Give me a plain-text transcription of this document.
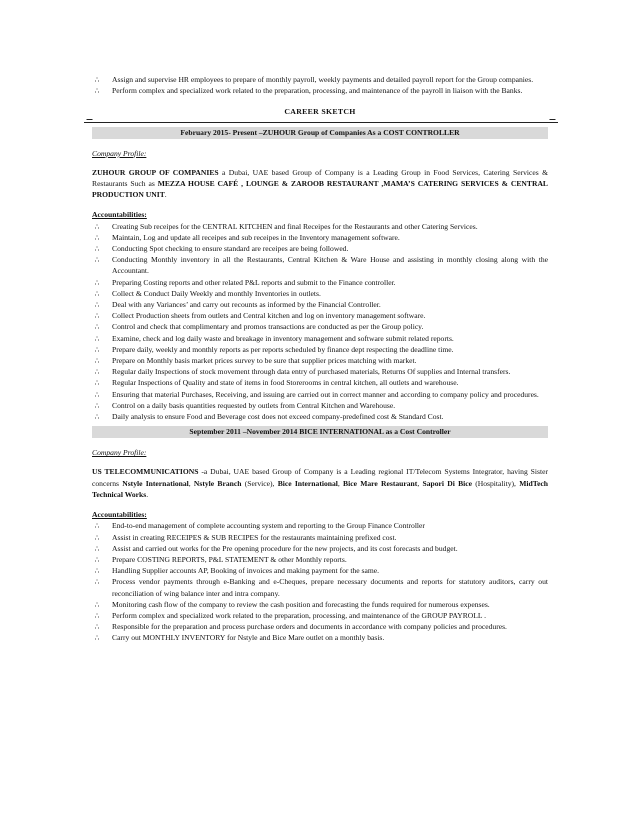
∴	Assign and supervise HR employees to prepare of monthly payroll, weekly payments and detailed payroll report for the Group companies.
∴	Perform complex and specialized work related to the preparation, processing, and maintenance of the payroll in liaison with the Banks.
CAREER SKETCH
February 2015- Present –ZUHOUR Group of Companies As a COST CONTROLLER
Company Profile:
ZUHOUR GROUP OF COMPANIES a Dubai, UAE based Group of Company is a Leading Group in Food Services, Catering Services & Restaurants Such as MEZZA HOUSE CAFÉ , LOUNGE & ZAROOB RESTAURANT ,MAMA’S CATERING SERVICES & CENTRAL PRODUCTION UNIT.
Accountabilities:
∴	Creating Sub receipes for the CENTRAL KITCHEN and final Receipes for the Restaurants and other Catering Services.
∴	Maintain, Log and update all receipes and sub receipes in the Inventory management software.
∴	Conducting Spot checking to ensure standard are receipes are being followed.
∴	Conducting Monthly inventory in all the Restaurants, Central Kitchen & Ware House and assisting in monthly closing along with the Accountant.
∴	Preparing Costing reports and other related P&L reports and submit to the Finance controller.
∴	Collect & Conduct Daily Weekly and monthly Inventories in outlets.
∴	Deal with any Variances’ and carry out recounts as informed by the Financial Controller.
∴	Collect Production sheets from outlets and Central kitchen and log on inventory management software.
∴	Control and check that complimentary and promos transactions are conducted as per the Group policy.
∴	Examine, check and log daily waste and breakage in inventory management and software submit related reports.
∴	Prepare daily, weekly and monthly reports as per reports scheduled by finance dept respecting the deadline time.
∴	Prepare on Monthly basis market prices survey to be sure that supplier prices matching with market.
∴	Regular daily Inspections of stock movement through data entry of purchased materials, Returns Of supplies and Internal transfers.
∴	Regular Inspections of Quality and state of items in food Storerooms in central kitchen, all outlets and warehouse.
∴	Ensuring that material Purchases, Receiving, and issuing are carried out in correct manner and according to company policy and procedures.
∴	Control on a daily basis quantities requested by outlets from Central Kitchen and Warehouse.
∴	Daily analysis to ensure Food and Beverage cost does not exceed company-predefined cost & Standard Cost.
September 2011 –November 2014 BICE INTERNATIONAL as a Cost Controller
Company Profile:
US TELECOMMUNICATIONS -a Dubai, UAE based Group of Company is a Leading regional IT/Telecom Systems Integrator, having Sister concerns Nstyle International, Nstyle Branch (Service), Bice International, Bice Mare Restaurant, Sapori Di Bice (Hospitality), MidTech Technical Works.
Accountabilities:
∴	End-to-end management of complete accounting system and reporting to the Group Finance Controller
∴	Assist in creating RECEIPES & SUB RECIPES for the restaurants maintaining prefixed cost.
∴	Assist and carried out works for the Pre opening procedure for the new projects, and its cost forecasts and budget.
∴	Prepare COSTING REPORTS, P&L STATEMENT & other Monthly reports.
∴	Handling Supplier accounts AP, Booking of invoices and making payment for the same.
∴	Process vendor payments through e-Banking and e-Cheques, prepare necessary documents and reports for statutory auditors, carry out reconciliation of wing balance inter and intra company.
∴	Monitoring cash flow of the company to review the cash position and forecasting the funds required for numerous expenses.
∴	Perform complex and specialized work related to the preparation, processing, and maintenance of the GROUP PAYROLL .
∴	Responsible for the preparation and process purchase orders and documents in accordance with company policies and procedures.
∴	Carry out MONTHLY INVENTORY for Nstyle and Bice Mare outlet on a monthly basis.
